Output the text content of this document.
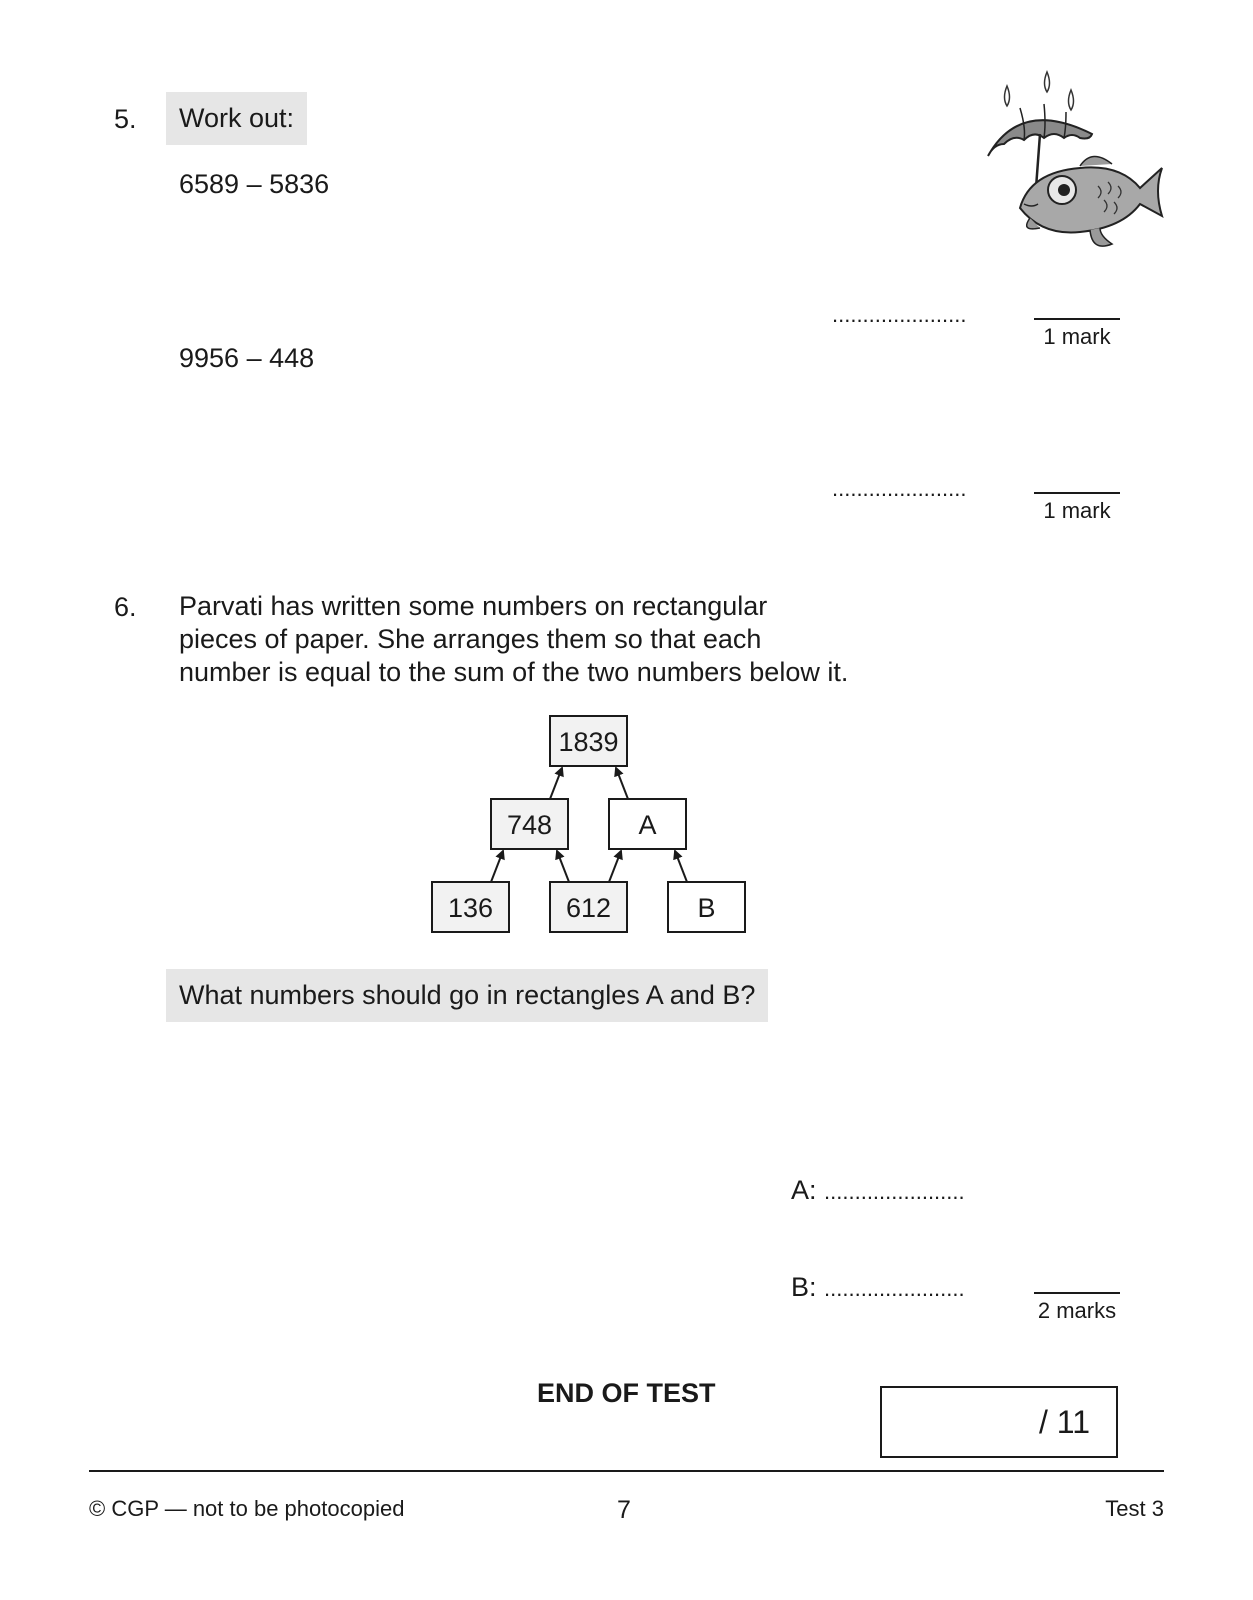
5.	Work out:
6589 – 5836
......................
1 mark
9956 – 448
......................
1 mark
6. Parvati has written some numbers on rectangular
pieces of paper. She arranges them so that each
number is equal to the sum of the two numbers below it.
1839
748	A
136	612	B
What numbers should go in rectangles A and B?
A: .......................
B: .......................
2 marks
END OF TEST
/ 11
© CGP — not to be photocopied	7	Test 3
